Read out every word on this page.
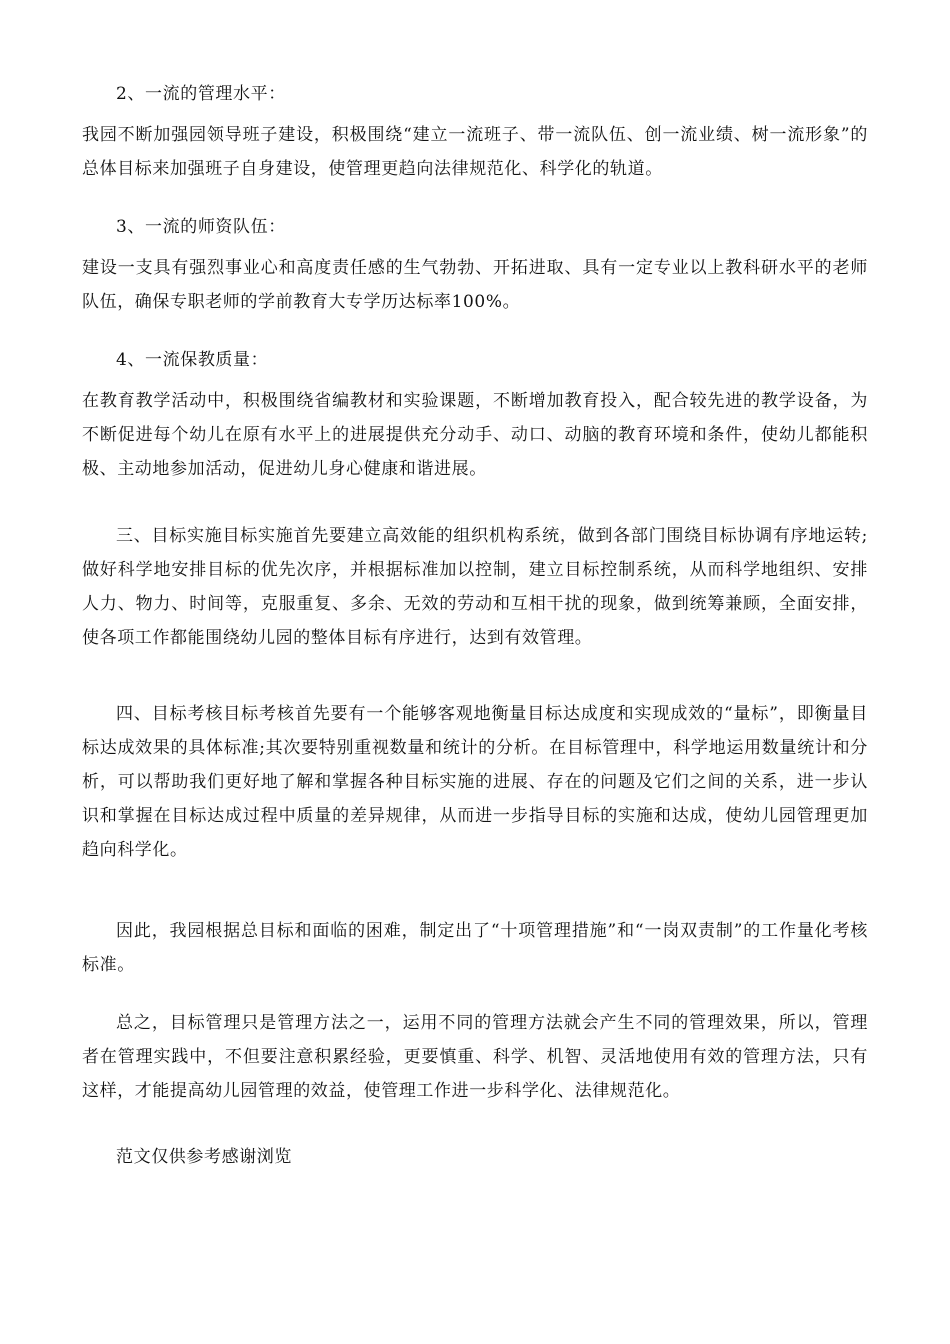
2、一流的管理水平：

我园不断加强园领导班子建设，积极围绕“建立一流班子、带一流队伍、创一流业绩、树一流形象”的总体目标来加强班子自身建设，使管理更趋向法律规范化、科学化的轨道。

3、一流的师资队伍：

建设一支具有强烈事业心和高度责任感的生气勃勃、开拓进取、具有一定专业以上教科研水平的老师队伍，确保专职老师的学前教育大专学历达标率100%。

4、一流保教质量：

在教育教学活动中，积极围绕省编教材和实验课题，不断增加教育投入，配合较先进的教学设备，为不断促进每个幼儿在原有水平上的进展提供充分动手、动口、动脑的教育环境和条件，使幼儿都能积极、主动地参加活动，促进幼儿身心健康和谐进展。

三、目标实施目标实施首先要建立高效能的组织机构系统，做到各部门围绕目标协调有序地运转;做好科学地安排目标的优先次序，并根据标准加以控制，建立目标控制系统，从而科学地组织、安排人力、物力、时间等，克服重复、多余、无效的劳动和互相干扰的现象，做到统筹兼顾，全面安排，使各项工作都能围绕幼儿园的整体目标有序进行，达到有效管理。

四、目标考核目标考核首先要有一个能够客观地衡量目标达成度和实现成效的“量标”，即衡量目标达成效果的具体标准;其次要特别重视数量和统计的分析。在目标管理中，科学地运用数量统计和分析，可以帮助我们更好地了解和掌握各种目标实施的进展、存在的问题及它们之间的关系，进一步认识和掌握在目标达成过程中质量的差异规律，从而进一步指导目标的实施和达成，使幼儿园管理更加趋向科学化。

因此，我园根据总目标和面临的困难，制定出了“十项管理措施”和“一岗双责制”的工作量化考核标准。

总之，目标管理只是管理方法之一，运用不同的管理方法就会产生不同的管理效果，所以，管理者在管理实践中，不但要注意积累经验，更要慎重、科学、机智、灵活地使用有效的管理方法，只有这样，才能提高幼儿园管理的效益，使管理工作进一步科学化、法律规范化。

范文仅供参考感谢浏览
